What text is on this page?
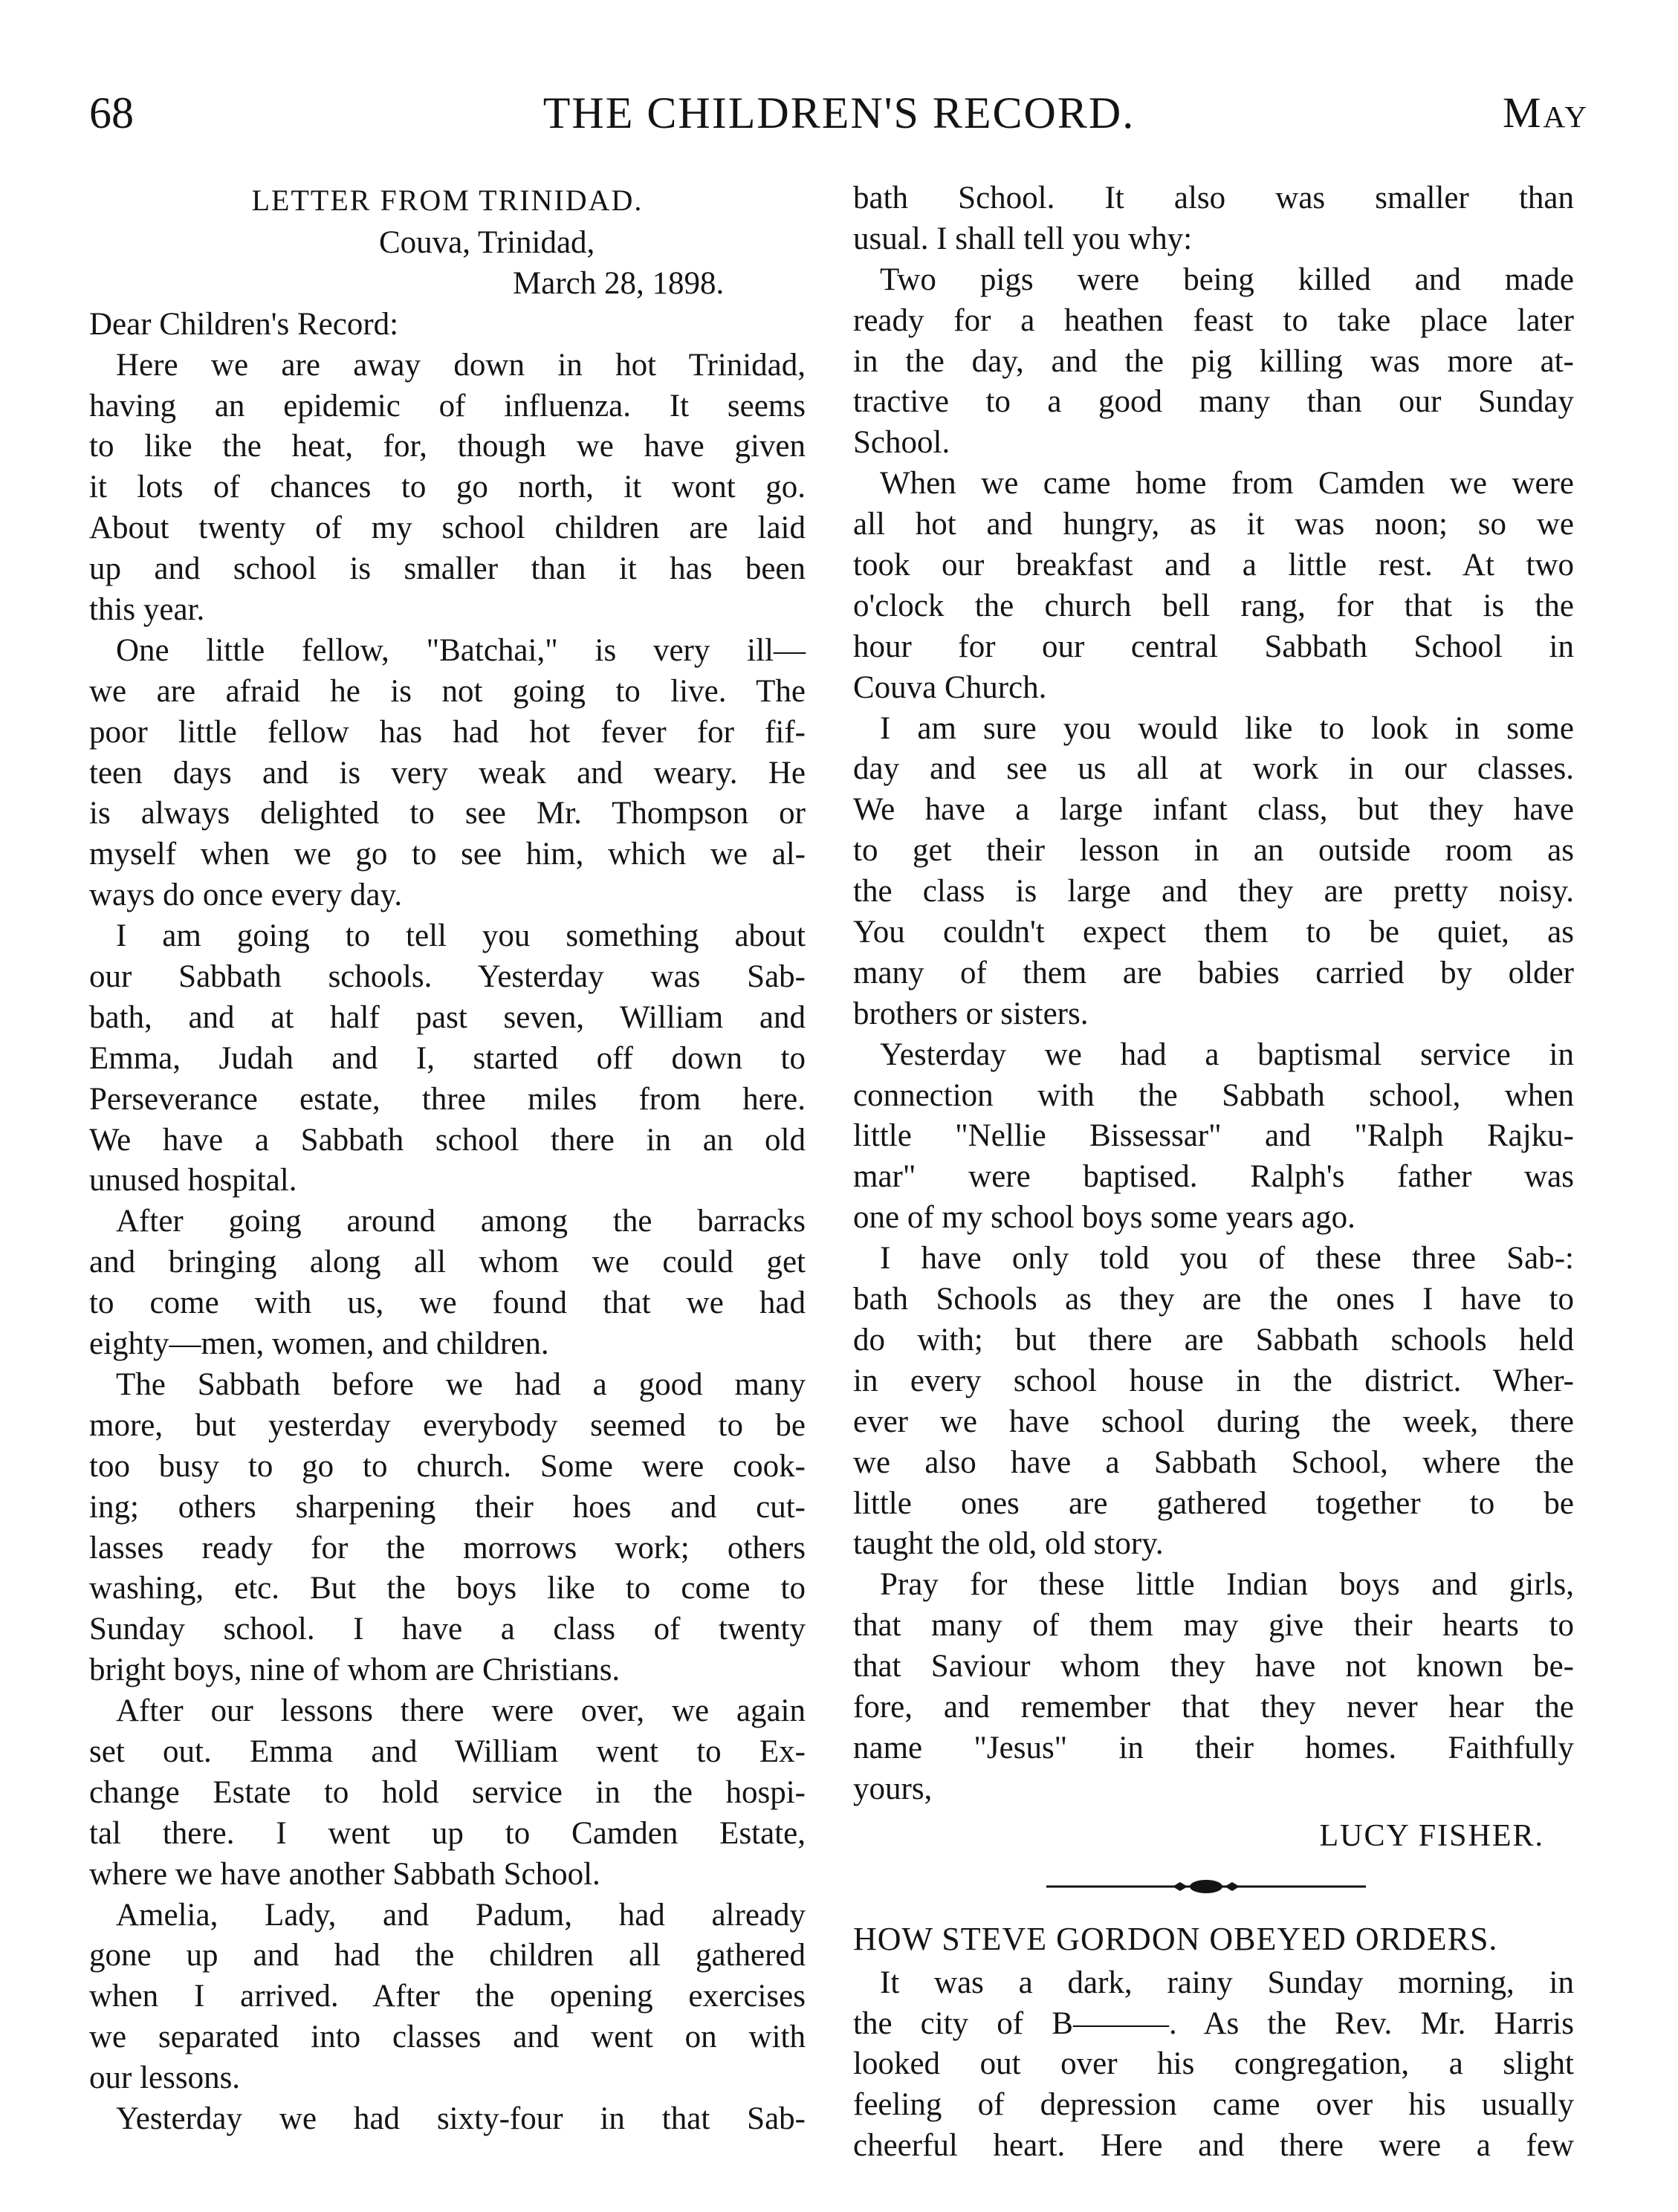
68	THE CHILDREN'S RECORD.	May
LETTER FROM TRINIDAD.
Couva, Trinidad,
March 28, 1898.
Dear Children's Record:
Here we are away down in hot Trinidad,
having an epidemic of influenza. It seems
to like the heat, for, though we have given
it lots of chances to go north, it wont go.
About twenty of my school children are laid
up and school is smaller than it has been
this year.
One little fellow, "Batchai," is very ill—
we are afraid he is not going to live. The
poor little fellow has had hot fever for fif-
teen days and is very weak and weary. He
is always delighted to see Mr. Thompson or
myself when we go to see him, which we al-
ways do once every day.
I am going to tell you something about
our Sabbath schools. Yesterday was Sab-
bath, and at half past seven, William and
Emma, Judah and I, started off down to
Perseverance estate, three miles from here.
We have a Sabbath school there in an old
unused hospital.
After going around among the barracks
and bringing along all whom we could get
to come with us, we found that we had
eighty—men, women, and children.
The Sabbath before we had a good many
more, but yesterday everybody seemed to be
too busy to go to church. Some were cook-
ing; others sharpening their hoes and cut-
lasses ready for the morrows work; others
washing, etc. But the boys like to come to
Sunday school. I have a class of twenty
bright boys, nine of whom are Christians.
After our lessons there were over, we again
set out. Emma and William went to Ex-
change Estate to hold service in the hospi-
tal there. I went up to Camden Estate,
where we have another Sabbath School.
Amelia, Lady, and Padum, had already
gone up and had the children all gathered
when I arrived. After the opening exercises
we separated into classes and went on with
our lessons.
Yesterday we had sixty-four in that Sab-
bath School. It also was smaller than
usual. I shall tell you why:
Two pigs were being killed and made
ready for a heathen feast to take place later
in the day, and the pig killing was more at-
tractive to a good many than our Sunday
School.
When we came home from Camden we were
all hot and hungry, as it was noon; so we
took our breakfast and a little rest. At two
o'clock the church bell rang, for that is the
hour for our central Sabbath School in
Couva Church.
I am sure you would like to look in some
day and see us all at work in our classes.
We have a large infant class, but they have
to get their lesson in an outside room as
the class is large and they are pretty noisy.
You couldn't expect them to be quiet, as
many of them are babies carried by older
brothers or sisters.
Yesterday we had a baptismal service in
connection with the Sabbath school, when
little "Nellie Bissessar" and "Ralph Rajku-
mar" were baptised. Ralph's father was
one of my school boys some years ago.
I have only told you of these three Sab-:
bath Schools as they are the ones I have to
do with; but there are Sabbath schools held
in every school house in the district. Wher-
ever we have school during the week, there
we also have a Sabbath School, where the
little ones are gathered together to be
taught the old, old story.
Pray for these little Indian boys and girls,
that many of them may give their hearts to
that Saviour whom they have not known be-
fore, and remember that they never hear the
name "Jesus" in their homes. Faithfully
yours,
LUCY FISHER.
HOW STEVE GORDON OBEYED ORDERS.
It was a dark, rainy Sunday morning, in
the city of B———. As the Rev. Mr. Harris
looked out over his congregation, a slight
feeling of depression came over his usually
cheerful heart. Here and there were a few
